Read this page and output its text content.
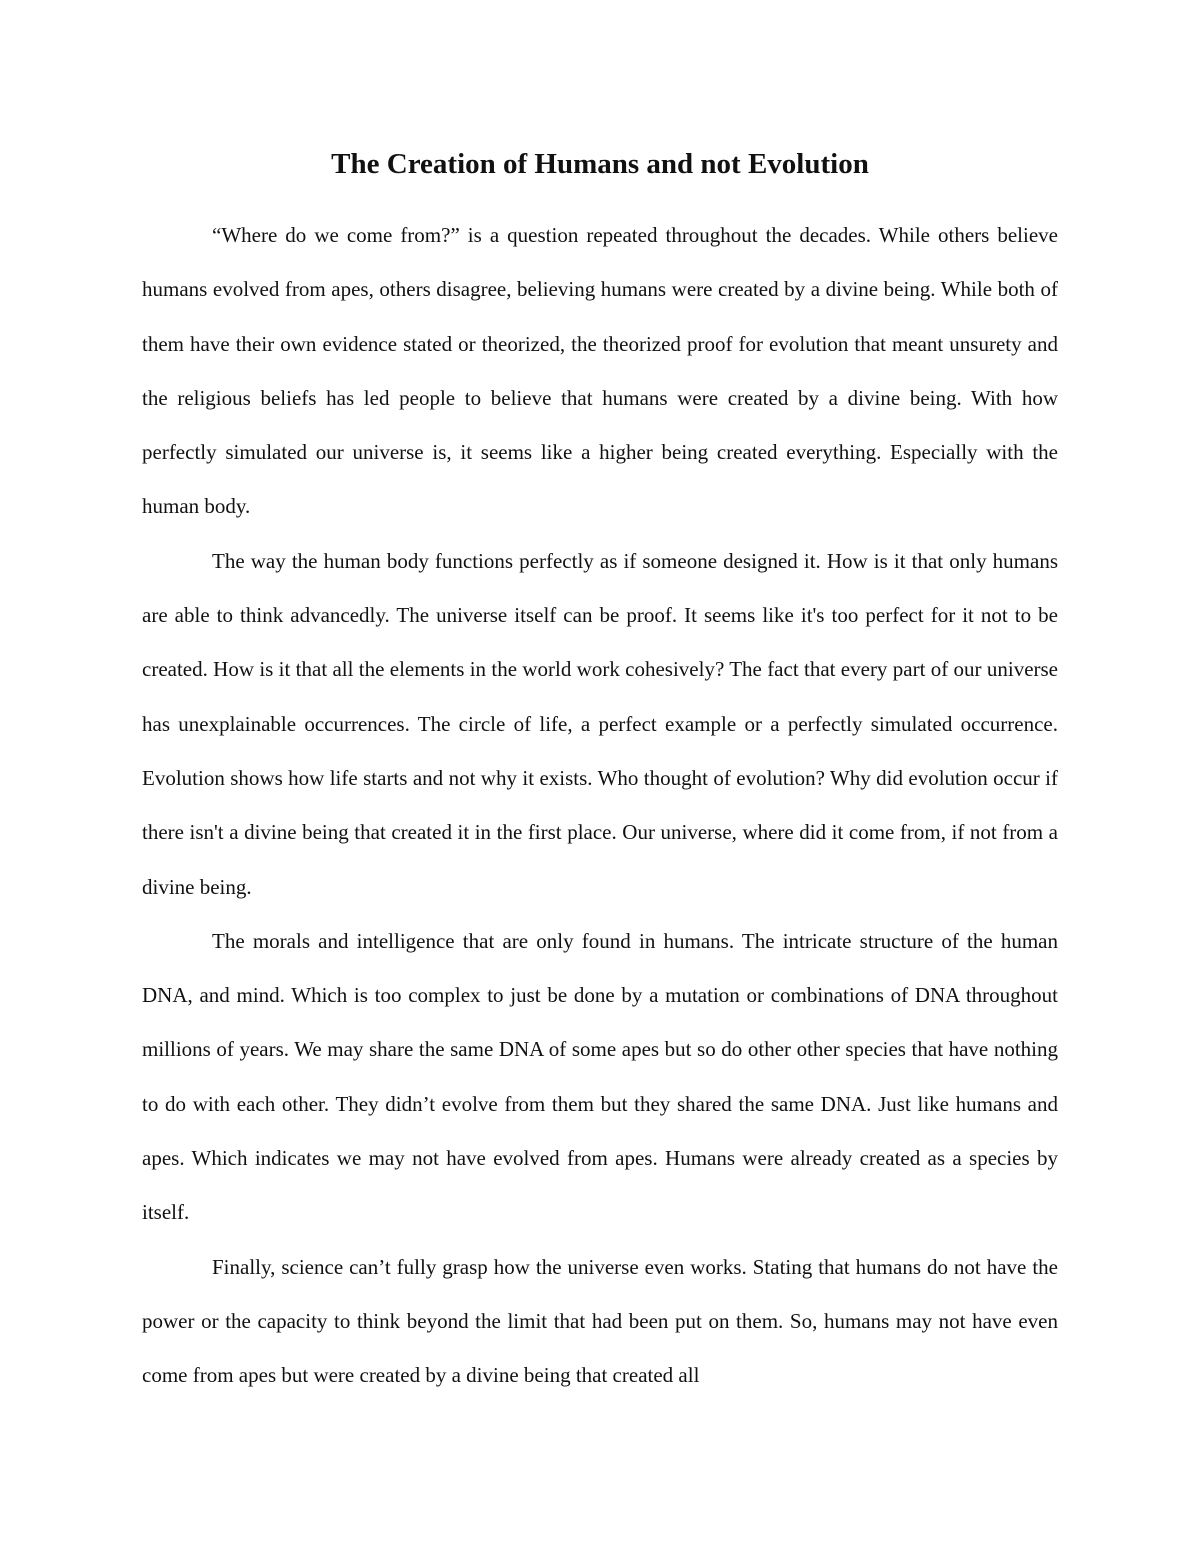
The Creation of Humans and not Evolution

“Where do we come from?” is a question repeated throughout the decades. While others believe humans evolved from apes, others disagree, believing humans were created by a divine being. While both of them have their own evidence stated or theorized, the theorized proof for evolution that meant unsurety and the religious beliefs has led people to believe that humans were created by a divine being. With how perfectly simulated our universe is, it seems like a higher being created everything. Especially with the human body.

The way the human body functions perfectly as if someone designed it. How is it that only humans are able to think advancedly. The universe itself can be proof. It seems like it's too perfect for it not to be created. How is it that all the elements in the world work cohesively? The fact that every part of our universe has unexplainable occurrences. The circle of life, a perfect example or a perfectly simulated occurrence. Evolution shows how life starts and not why it exists. Who thought of evolution? Why did evolution occur if there isn't a divine being that created it in the first place. Our universe, where did it come from, if not from a divine being.

The morals and intelligence that are only found in humans. The intricate structure of the human DNA, and mind. Which is too complex to just be done by a mutation or combinations of DNA throughout millions of years. We may share the same DNA of some apes but so do other other species that have nothing to do with each other. They didn’t evolve from them but they shared the same DNA. Just like humans and apes. Which indicates we may not have evolved from apes. Humans were already created as a species by itself.

Finally, science can’t fully grasp how the universe even works. Stating that humans do not have the power or the capacity to think beyond the limit that had been put on them. So, humans may not have even come from apes but were created by a divine being that created all
